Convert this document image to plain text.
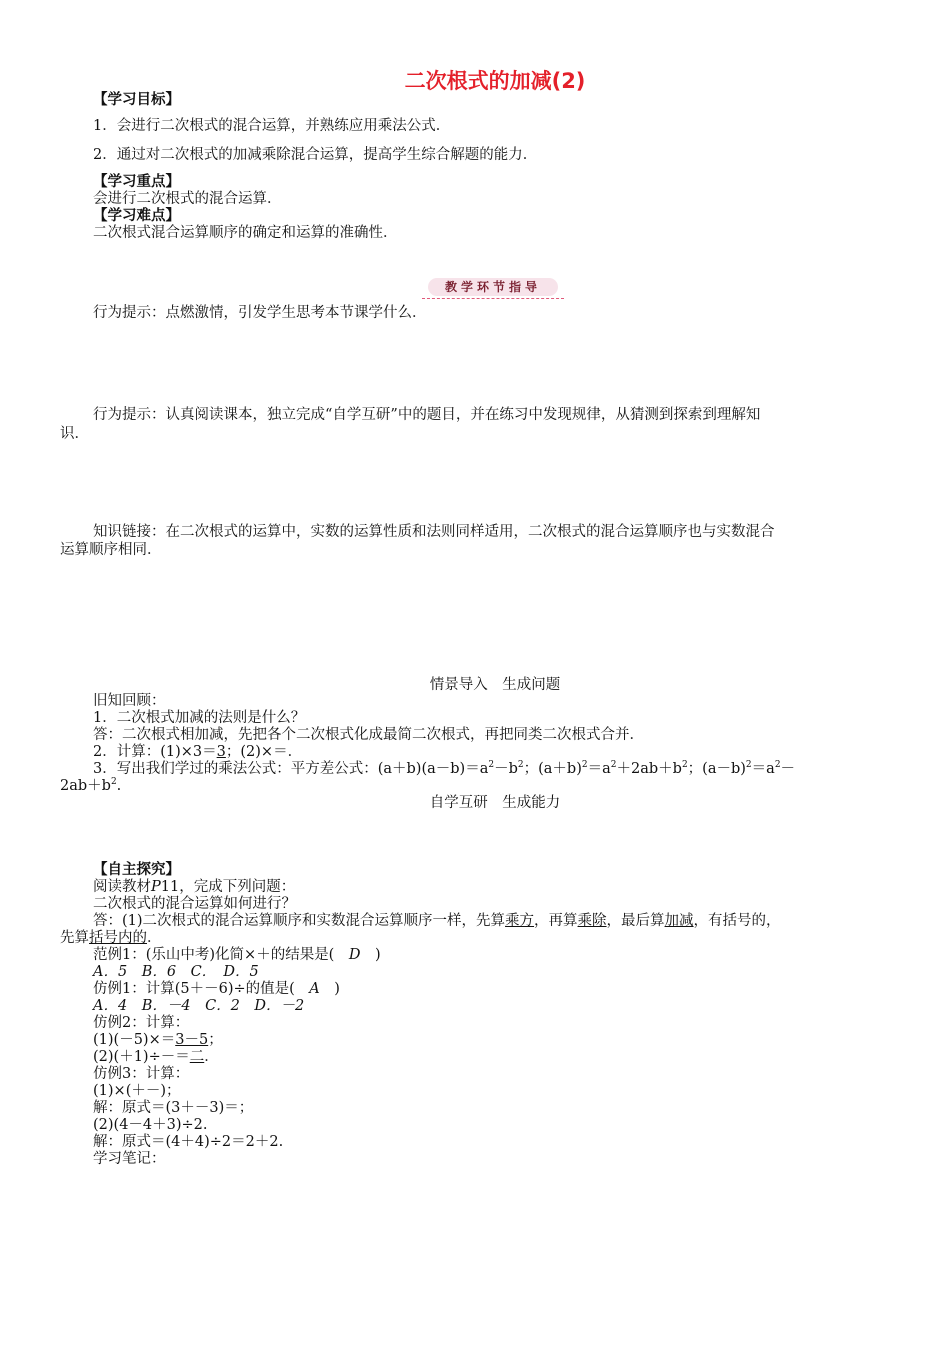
二次根式的加减(2)
【学习目标】
1．会进行二次根式的混合运算，并熟练应用乘法公式．
2．通过对二次根式的加减乘除混合运算，提高学生综合解题的能力．
【学习重点】
会进行二次根式的混合运算．
【学习难点】
二次根式混合运算顺序的确定和运算的准确性．
教学环节指导
行为提示：点燃激情，引发学生思考本节课学什么．
行为提示：认真阅读课本，独立完成“自学互研”中的题目，并在练习中发现规律，从猜测到探索到理解知
识．
知识链接：在二次根式的运算中，实数的运算性质和法则同样适用，二次根式的混合运算顺序也与实数混合
运算顺序相同．
情景导入　生成问题
旧知回顾：
1．二次根式加减的法则是什么？
答：二次根式相加减，先把各个二次根式化成最简二次根式，再把同类二次根式合并．
2．计算：(1)×3＝3；(2)×＝．
3．写出我们学过的乘法公式：平方差公式：$(a+b)(a-b)=a^2-b^2$；$(a+b)^2=a^2+2ab+b^2$；$(a-b)^2=a^2-$
$2ab+b^2$.
自学互研　生成能力
【自主探究】
阅读教材P11，完成下列问题：
二次根式的混合运算如何进行？
答：(1)二次根式的混合运算顺序和实数混合运算顺序一样，先算乘方，再算乘除，最后算加减，有括号的，
先算括号内的．
范例1：(乐山中考)化简×＋的结果是(　D　)
A．5　B．6　C．　D．5
仿例1：计算(5＋－6)÷的值是(　A　)
A．4　B．－4　C．2　D．－2
仿例2：计算：
(1)(－5)×＝3－5；
(2)(＋1)÷－＝二．
仿例3：计算：
(1)×(＋－)；
解：原式＝(3＋－3)＝；
(2)(4－4＋3)÷2.
解：原式＝(4＋4)÷2＝2＋2.
学习笔记：
